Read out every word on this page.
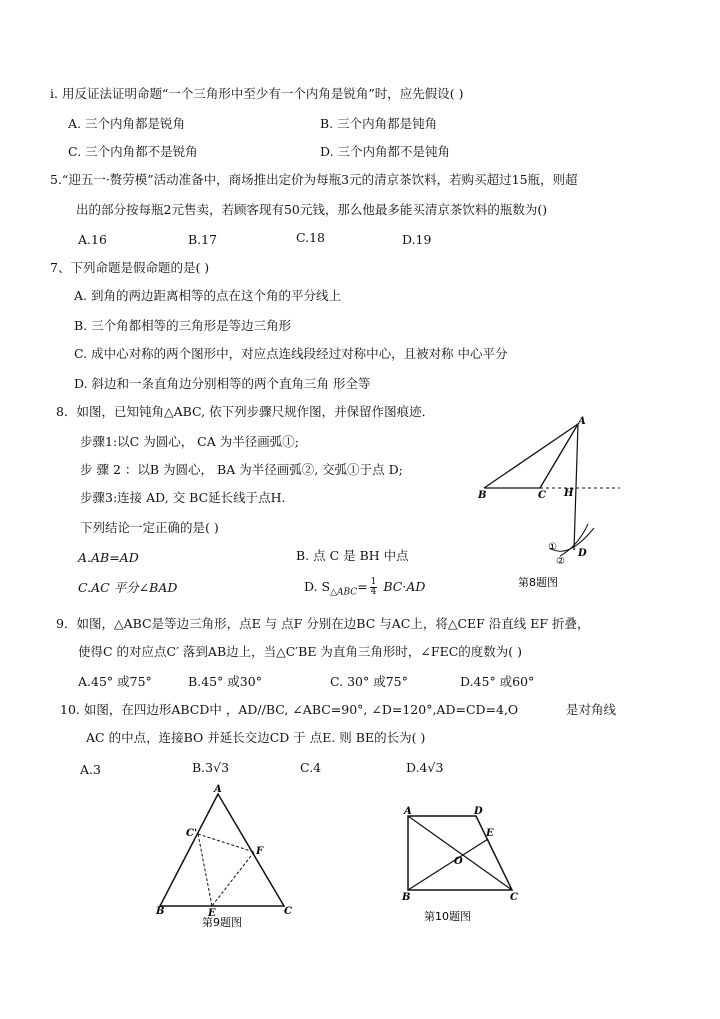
i. 用反证法证明命题“一个三角形中至少有一个内角是锐角”时，应先假设( )
A. 三个内角都是锐角	B. 三个内角都是钝角
C. 三个内角都不是锐角	D. 三个内角都不是钝角
5.“迎五一·赘劳模”活动准备中，商场推出定价为每瓶3元的清京茶饮料，若购买超过15瓶，则超
出的部分按每瓶2元售卖，若顾客现有50元钱，那么他最多能买清京茶饮料的瓶数为()
A.16	B.17	C.18	D.19
7、下列命题是假命题的是( )
A. 到角的两边距离相等的点在这个角的平分线上
B. 三个角都相等的三角形是等边三角形
C. 成中心对称的两个图形中，对应点连线段经过对称中心，且被对称 中心平分
D. 斜边和一条直角边分别相等的两个直角三角 形全等
8．如图，已知钝角△ABC, 依下列步骤尺规作图，并保留作图痕迹．
步骤1:以C 为圆心， CA 为半径画弧①;
步 骤 2 ：以B 为圆心， BA 为半径画弧②, 交弧①于点 D;
步骤3:连接 AD, 交 BC延长线于点H.
下列结论一定正确的是( )
A.AB=AD	B. 点 C 是 BH 中点
C.AC 平分∠BAD	D. $S_{\triangle ABC}= \frac{1}{4} BC\cdot AD$
A
B	C H
D
①
②
第8题图
9．如图，△ABC是等边三角形，点E 与 点F 分别在边BC 与AC上，将△CEF 沿直线 EF 折叠，
使得C 的对应点C′ 落到AB边上，当△C′BE 为直角三角形时，∠FEC的度数为( )
A.45° 或75°	B.45° 或30°	C. 30° 或75°	D.45° 或60°
10. 如图，在四边形ABCD中 ，AD//BC, ∠ABC=90°, ∠D=120°,AD=CD=4,O	是对角线
AC 的中点，连接BO 并延长交边CD 于 点E. 则 BE的长为( )
A.3	B.3√3	C.4	D.4√3
A
C'
F
B	E	C
第9题图
A	D
E
O
B	C
第10题图
